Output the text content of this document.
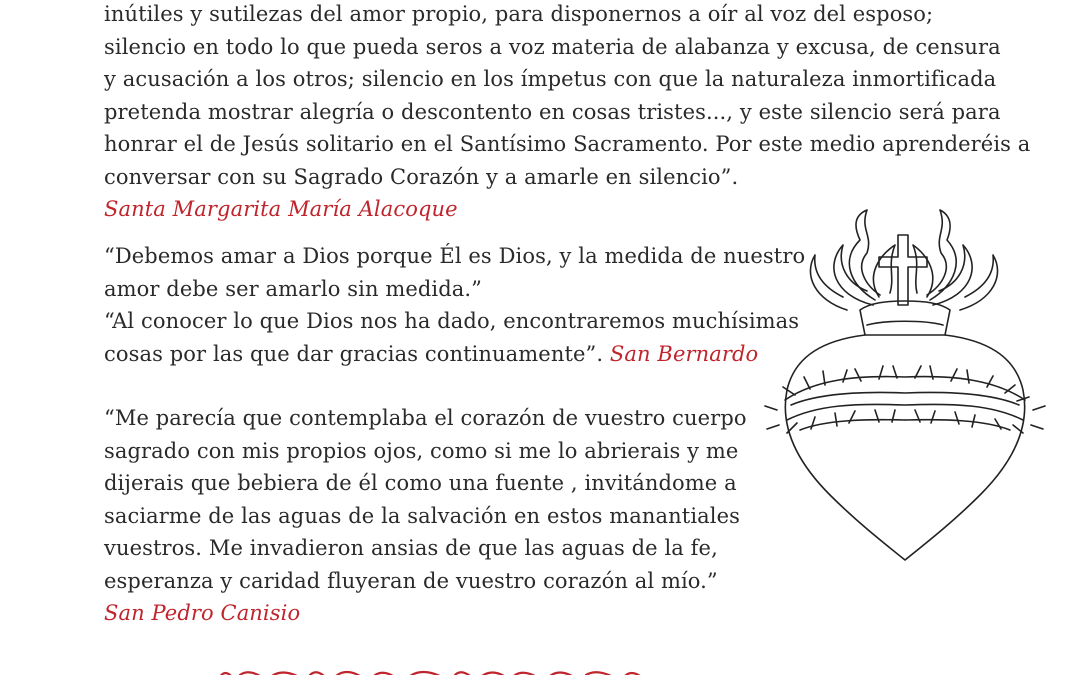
inútiles y sutilezas del amor propio, para disponernos a oír al voz del esposo;
silencio en todo lo que pueda seros a voz materia de alabanza y excusa, de censura
y acusación a los otros; silencio en los ímpetus con que la naturaleza inmortificada
pretenda mostrar alegría o descontento en cosas tristes..., y este silencio será para
honrar el de Jesús solitario en el Santísimo Sacramento. Por este medio aprenderéis a
conversar con su Sagrado Corazón y a amarle en silencio”.
Santa Margarita María Alacoque
“Debemos amar a Dios porque Él es Dios, y la medida de nuestro
amor debe ser amarlo sin medida.”
“Al conocer lo que Dios nos ha dado, encontraremos muchísimas
cosas por las que dar gracias continuamente”. San Bernardo
“Me parecía que contemplaba el corazón de vuestro cuerpo
sagrado con mis propios ojos, como si me lo abrierais y me
dijerais que bebiera de él como una fuente , invitándome a
saciarme de las aguas de la salvación en estos manantiales
vuestros. Me invadieron ansias de que las aguas de la fe,
esperanza y caridad fluyeran de vuestro corazón al mío.”
San Pedro Canisio
